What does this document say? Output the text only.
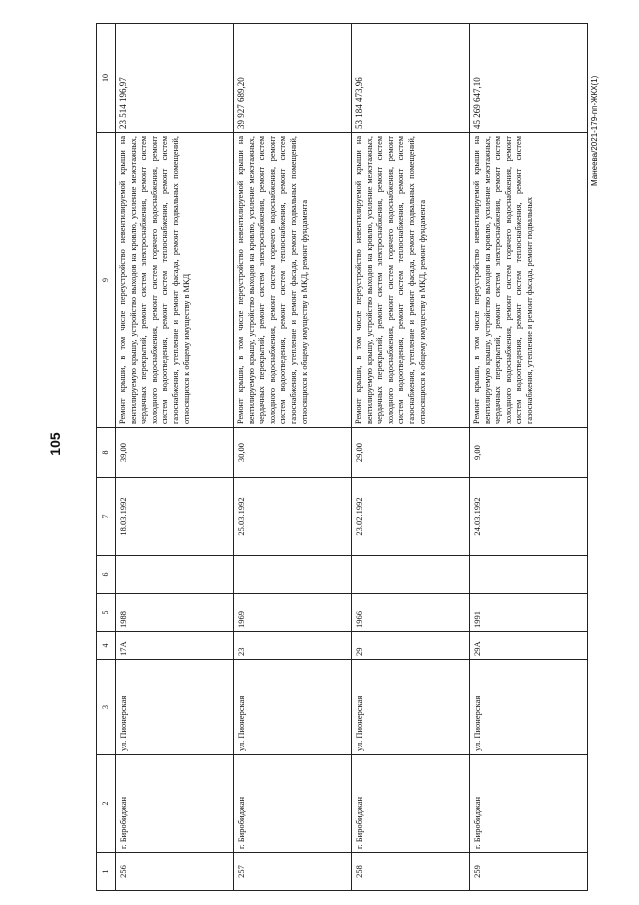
105
Манеева/2021-179-пп-ЖКХ(1)
1	2	3	4	5	6	7	8	9	10
256	г. Биробиджан	ул. Пионерская	17А	1988		18.03.1992	39,00	Ремонт крыши, в том числе переустройство невентилируемой крыши на вентилируемую крышу, устройство выходов на кровлю, усиление межэтажных, чердачных перекрытий, ремонт систем электроснабжения, ремонт систем холодного водоснабжения, ремонт систем горячего водоснабжения, ремонт систем водоотведения, ремонт систем теплоснабжения, ремонт систем газоснабжения, утепление и ремонт фасада, ремонт подвальных помещений, относящихся к общему имуществу в МКД	23 514 196,97
257	г. Биробиджан	ул. Пионерская	23	1969		25.03.1992	30,00	Ремонт крыши, в том числе переустройство невентилируемой крыши на вентилируемую крышу, устройство выходов на кровлю, усиление межэтажных, чердачных перекрытий, ремонт систем электроснабжения, ремонт систем холодного водоснабжения, ремонт систем горячего водоснабжения, ремонт систем водоотведения, ремонт систем теплоснабжения, ремонт систем газоснабжения, утепление и ремонт фасада, ремонт подвальных помещений, относящихся к общему имуществу в МКД, ремонт фундамента	39 927 689,20
258	г. Биробиджан	ул. Пионерская	29	1966		23.02.1992	29,00	Ремонт крыши, в том числе переустройство невентилируемой крыши на вентилируемую крышу, устройство выходов на кровлю, усиление межэтажных, чердачных перекрытий, ремонт систем электроснабжения, ремонт систем холодного водоснабжения, ремонт систем горячего водоснабжения, ремонт систем водоотведения, ремонт систем теплоснабжения, ремонт систем газоснабжения, утепление и ремонт фасада, ремонт подвальных помещений, относящихся к общему имуществу в МКД, ремонт фундамента	53 184 473,96
259	г. Биробиджан	ул. Пионерская	29А	1991		24.03.1992	9,00	Ремонт крыши, в том числе переустройство невентилируемой крыши на вентилируемую крышу, устройство выходов на кровлю, усиление межэтажных, чердачных перекрытий, ремонт систем электроснабжения, ремонт систем холодного водоснабжения, ремонт систем горячего водоснабжения, ремонт систем водоотведения, ремонт систем теплоснабжения, ремонт систем газоснабжения, утепление и ремонт фасада, ремонт подвальных	45 269 647,10
